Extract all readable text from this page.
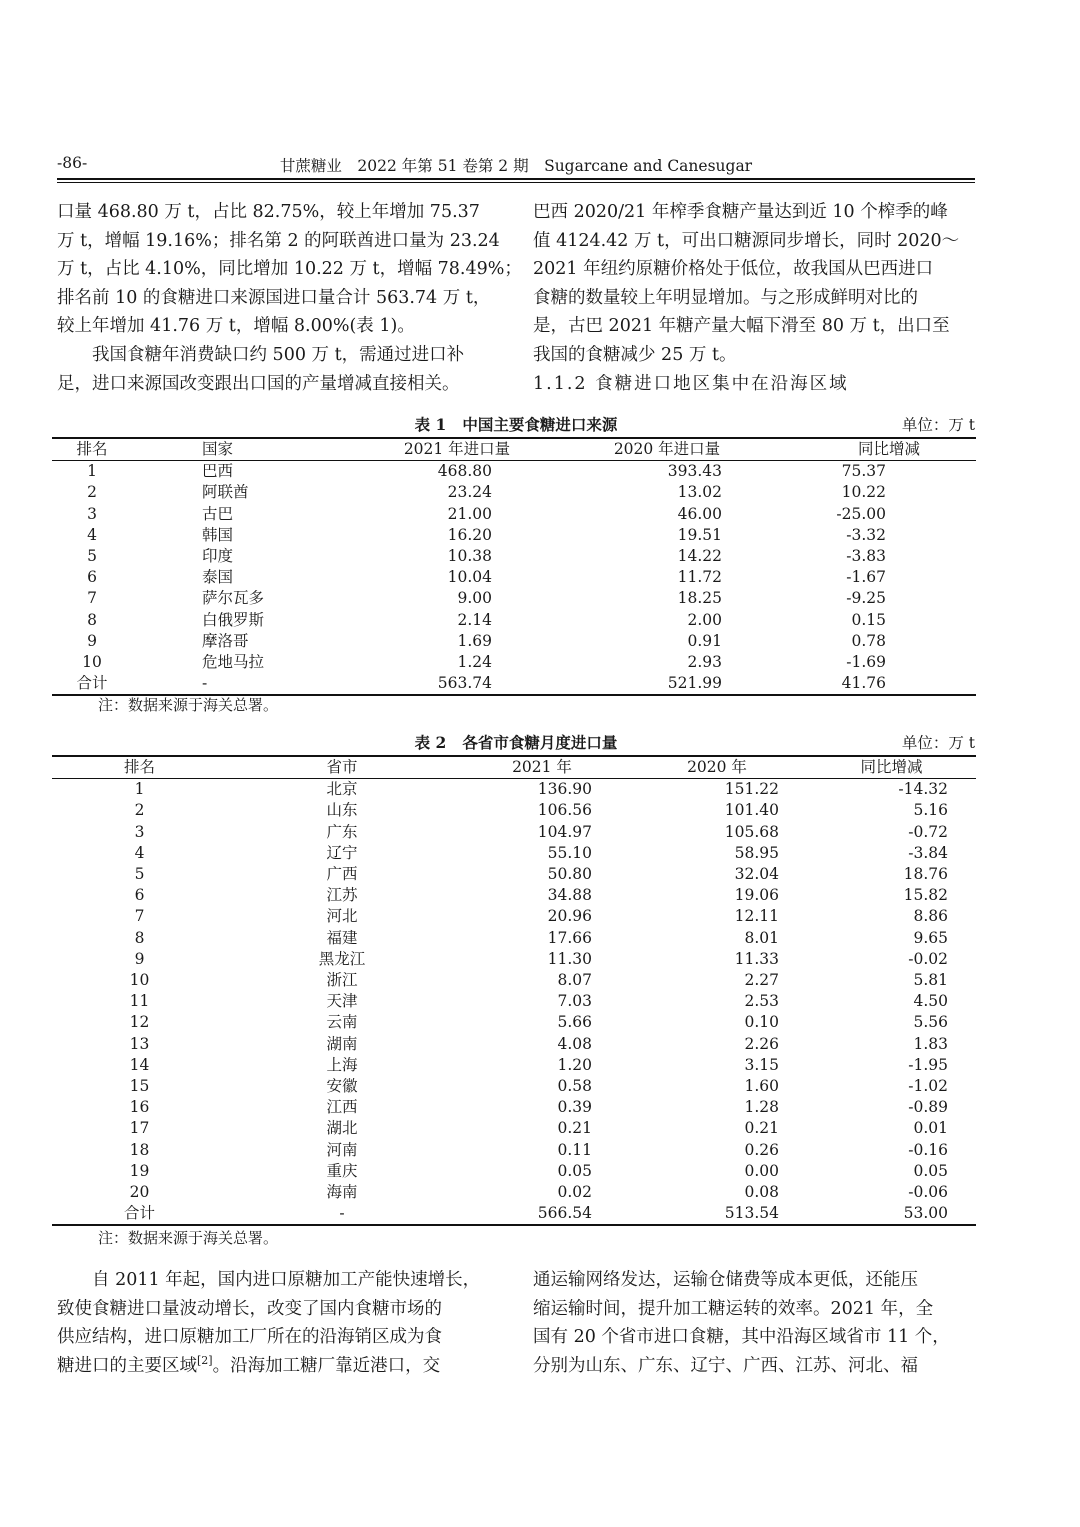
-86-	甘蔗糖业　2022 年第 51 卷第 2 期　Sugarcane and Canesugar
口量 468.80 万 t，占比 82.75%，较上年增加 75.37
万 t，增幅 19.16%；排名第 2 的阿联酋进口量为 23.24
万 t，占比 4.10%，同比增加 10.22 万 t，增幅 78.49%；
排名前 10 的食糖进口来源国进口量合计 563.74 万 t，
较上年增加 41.76 万 t，增幅 8.00%(表 1)。
我国食糖年消费缺口约 500 万 t，需通过进口补
足，进口来源国改变跟出口国的产量增减直接相关。
巴西 2020/21 年榨季食糖产量达到近 10 个榨季的峰
值 4124.42 万 t，可出口糖源同步增长，同时 2020～
2021 年纽约原糖价格处于低位，故我国从巴西进口
食糖的数量较上年明显增加。与之形成鲜明对比的
是，古巴 2021 年糖产量大幅下滑至 80 万 t，出口至
我国的食糖减少 25 万 t。
1.1.2 食糖进口地区集中在沿海区域
表 1 中国主要食糖进口来源	单位：万 t
排名	国家	2021 年进口量	2020 年进口量	同比增减
1	巴西	468.80	393.43	75.37
2	阿联酋	23.24	13.02	10.22
3	古巴	21.00	46.00	-25.00
4	韩国	16.20	19.51	-3.32
5	印度	10.38	14.22	-3.83
6	泰国	10.04	11.72	-1.67
7	萨尔瓦多	9.00	18.25	-9.25
8	白俄罗斯	2.14	2.00	0.15
9	摩洛哥	1.69	0.91	0.78
10	危地马拉	1.24	2.93	-1.69
合计	-	563.74	521.99	41.76
注：数据来源于海关总署。
表 2 各省市食糖月度进口量	单位：万 t
排名	省市	2021 年	2020 年	同比增减
1	北京	136.90	151.22	-14.32
2	山东	106.56	101.40	5.16
3	广东	104.97	105.68	-0.72
4	辽宁	55.10	58.95	-3.84
5	广西	50.80	32.04	18.76
6	江苏	34.88	19.06	15.82
7	河北	20.96	12.11	8.86
8	福建	17.66	8.01	9.65
9	黑龙江	11.30	11.33	-0.02
10	浙江	8.07	2.27	5.81
11	天津	7.03	2.53	4.50
12	云南	5.66	0.10	5.56
13	湖南	4.08	2.26	1.83
14	上海	1.20	3.15	-1.95
15	安徽	0.58	1.60	-1.02
16	江西	0.39	1.28	-0.89
17	湖北	0.21	0.21	0.01
18	河南	0.11	0.26	-0.16
19	重庆	0.05	0.00	0.05
20	海南	0.02	0.08	-0.06
合计	-	566.54	513.54	53.00
注：数据来源于海关总署。
自 2011 年起，国内进口原糖加工产能快速增长，
致使食糖进口量波动增长，改变了国内食糖市场的
供应结构，进口原糖加工厂所在的沿海销区成为食
糖进口的主要区域[2]。沿海加工糖厂靠近港口，交
通运输网络发达，运输仓储费等成本更低，还能压
缩运输时间，提升加工糖运转的效率。2021 年，全
国有 20 个省市进口食糖，其中沿海区域省市 11 个，
分别为山东、广东、辽宁、广西、江苏、河北、福
